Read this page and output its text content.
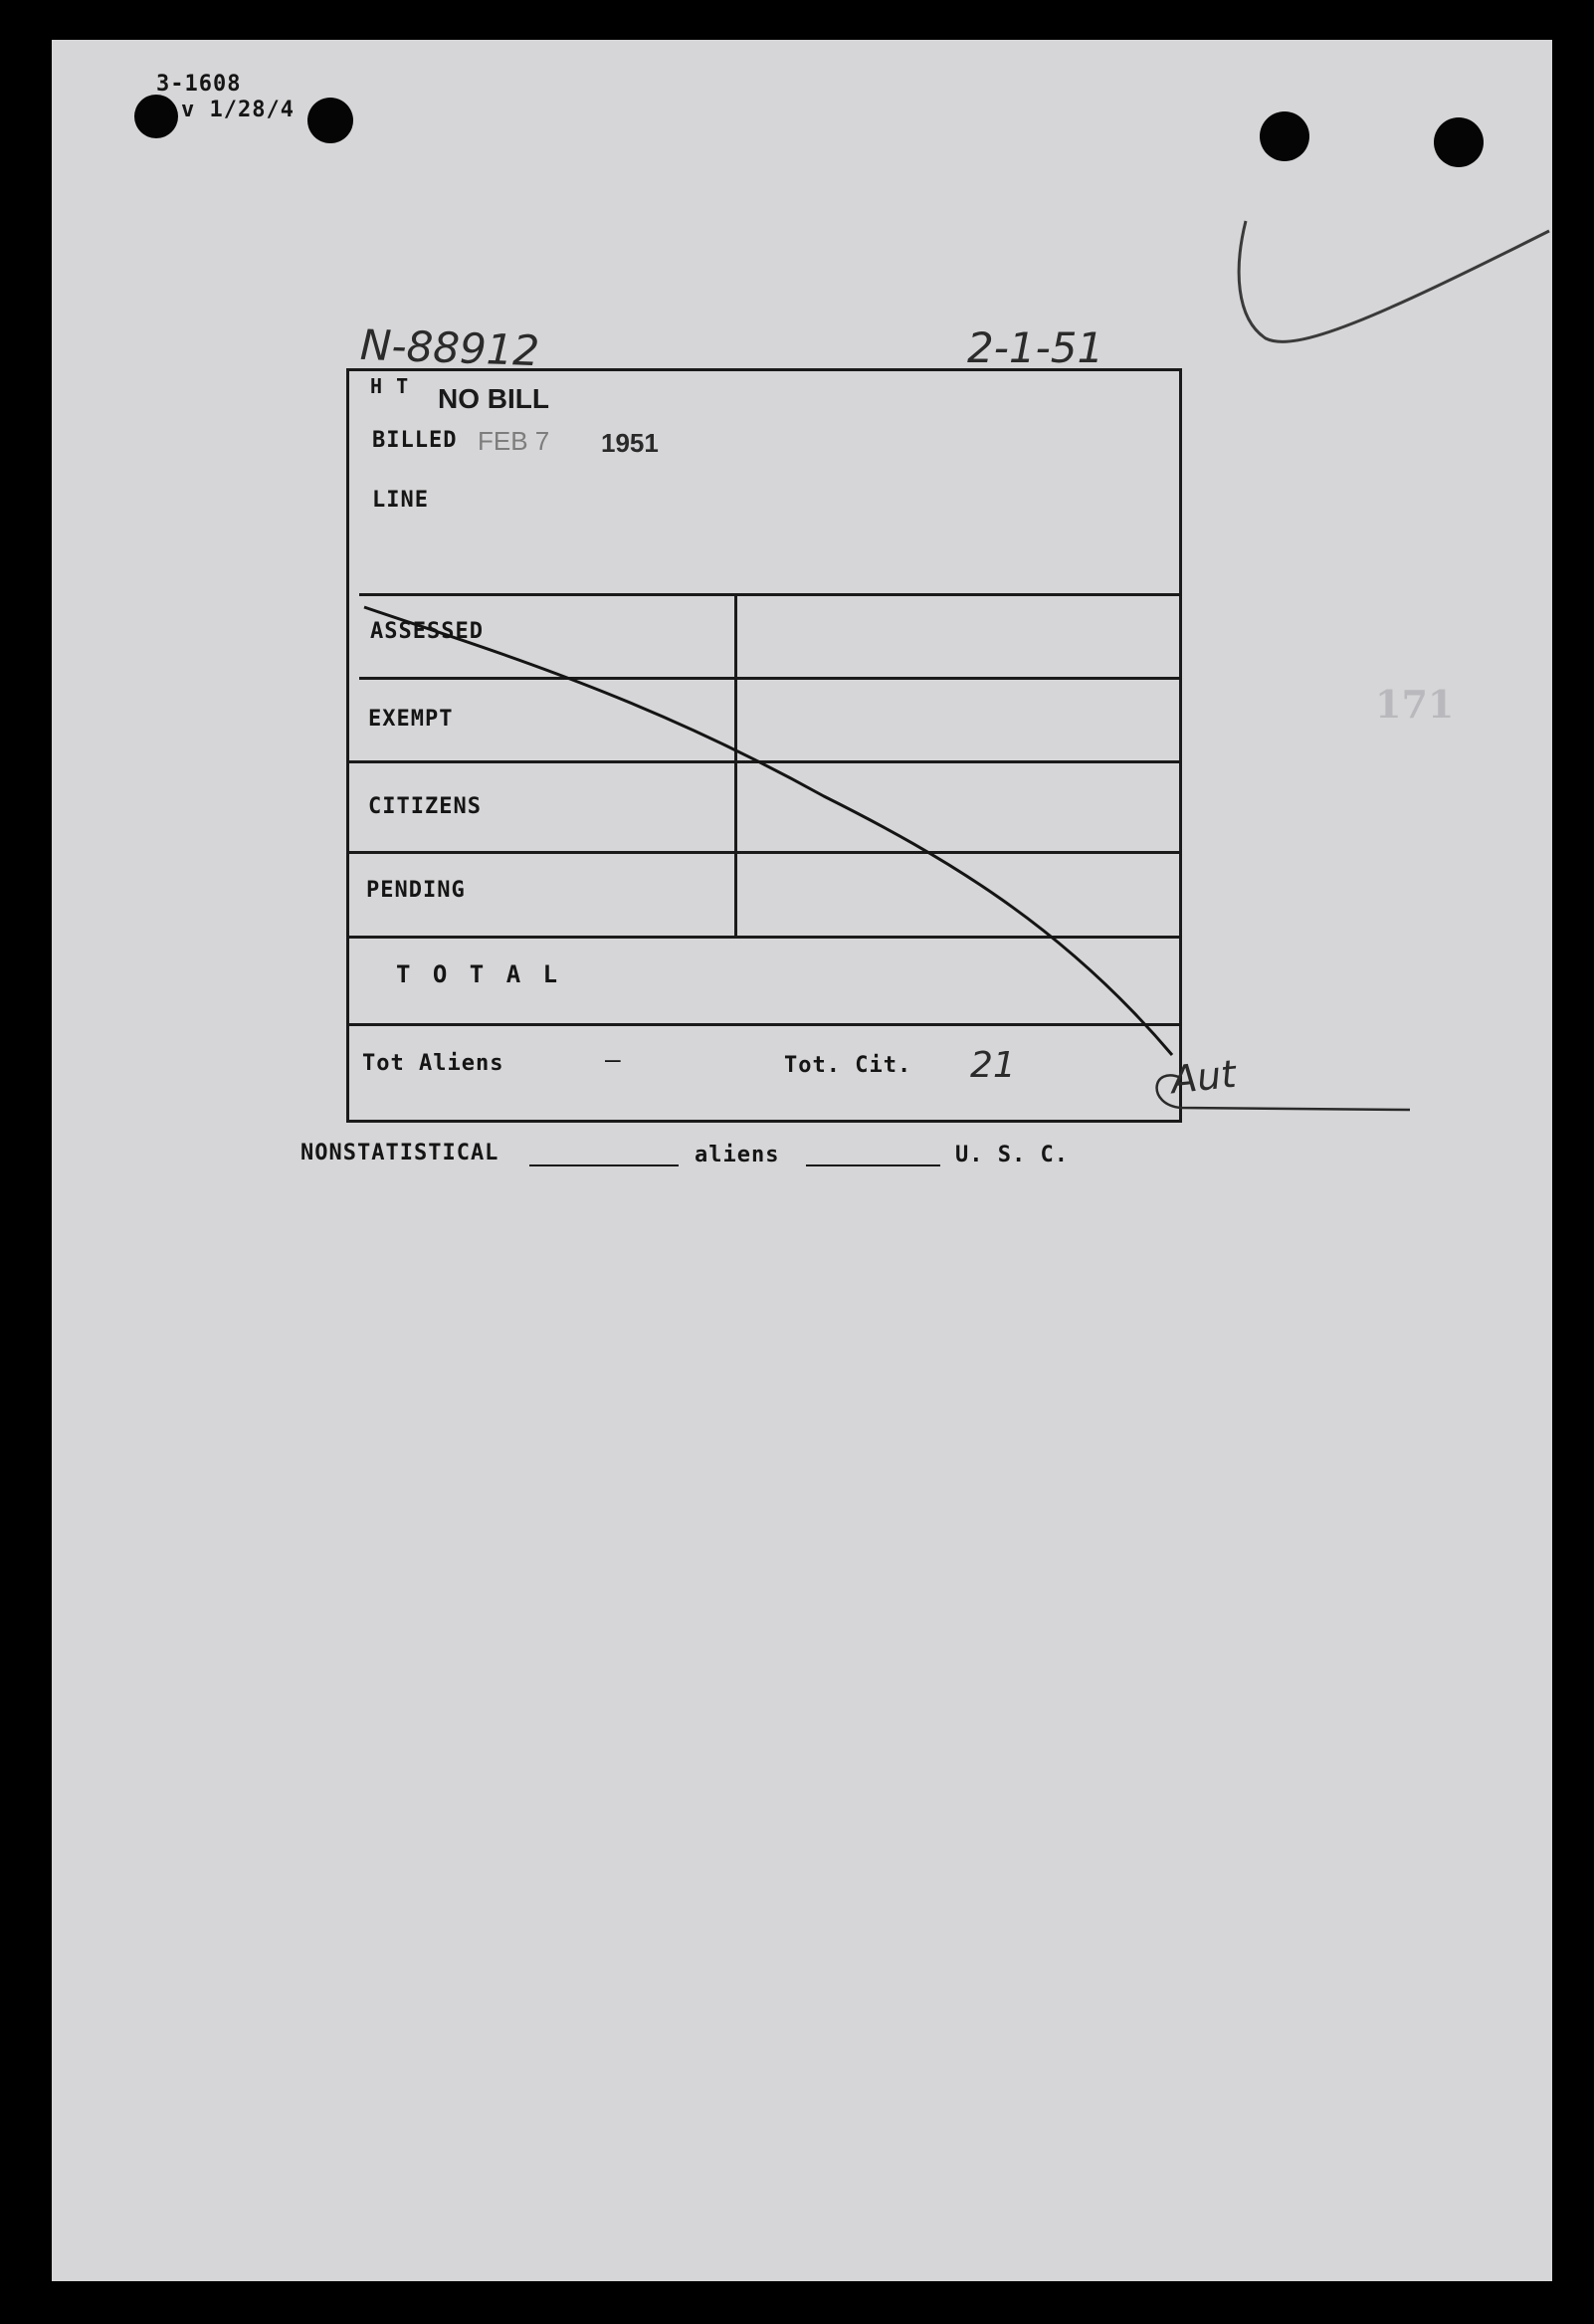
3-1608
v 1/28/4
N-88912	2-1-51
171
H T NO BILL
BILLED FEB 7 1951
LINE
ASSESSED
EXEMPT
CITIZENS
PENDING
T O T A L
Tot Aliens	—	Tot. Cit. 21	Aut
NONSTATISTICAL	aliens	U. S. C.
